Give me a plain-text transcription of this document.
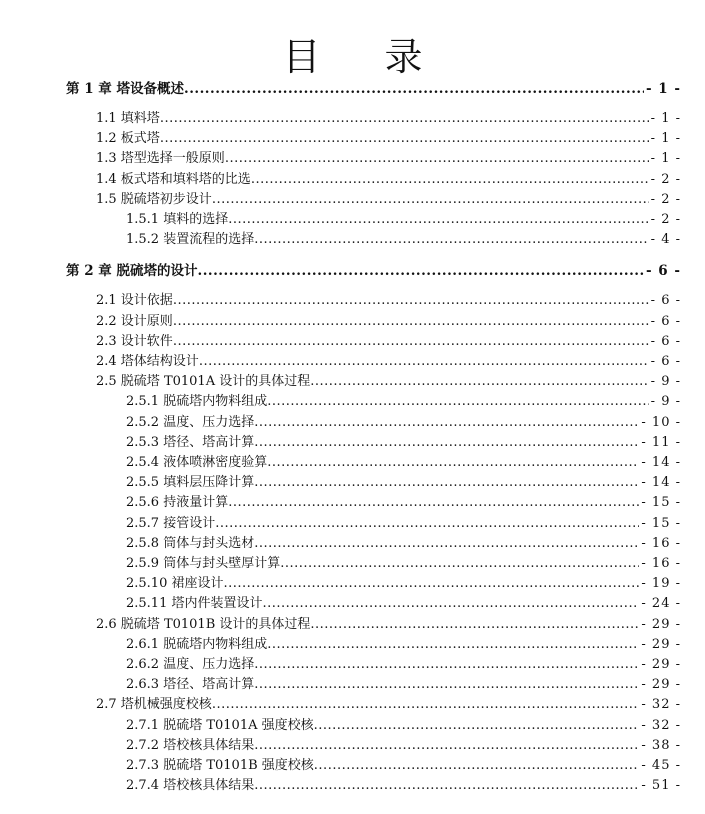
目 录
第 1 章 塔设备概述 .....	- 1 -
1.1 填料塔 .....	- 1 -
1.2 板式塔 .....	- 1 -
1.3 塔型选择一般原则 .....	- 1 -
1.4 板式塔和填料塔的比选 .....	- 2 -
1.5 脱硫塔初步设计 .....	- 2 -
1.5.1 填料的选择 .....	- 2 -
1.5.2 装置流程的选择 .....	- 4 -
第 2 章 脱硫塔的设计 .....	- 6 -
2.1 设计依据 .....	- 6 -
2.2 设计原则 .....	- 6 -
2.3 设计软件 .....	- 6 -
2.4 塔体结构设计 .....	- 6 -
2.5 脱硫塔 T0101A 设计的具体过程 .....	- 9 -
2.5.1 脱硫塔内物料组成 .....	- 9 -
2.5.2 温度、压力选择 .....	- 10 -
2.5.3 塔径、塔高计算 .....	- 11 -
2.5.4 液体喷淋密度验算 .....	- 14 -
2.5.5 填料层压降计算 .....	- 14 -
2.5.6 持液量计算 .....	- 15 -
2.5.7 接管设计 .....	- 15 -
2.5.8 筒体与封头选材 .....	- 16 -
2.5.9 筒体与封头壁厚计算 .....	- 16 -
2.5.10 裙座设计 .....	- 19 -
2.5.11 塔内件装置设计 .....	- 24 -
2.6 脱硫塔 T0101B 设计的具体过程 .....	- 29 -
2.6.1 脱硫塔内物料组成 .....	- 29 -
2.6.2 温度、压力选择 .....	- 29 -
2.6.3 塔径、塔高计算 .....	- 29 -
2.7 塔机械强度校核 .....	- 32 -
2.7.1 脱硫塔 T0101A 强度校核 .....	- 32 -
2.7.2 塔校核具体结果 .....	- 38 -
2.7.3 脱硫塔 T0101B 强度校核 .....	- 45 -
2.7.4 塔校核具体结果 .....	- 51 -
